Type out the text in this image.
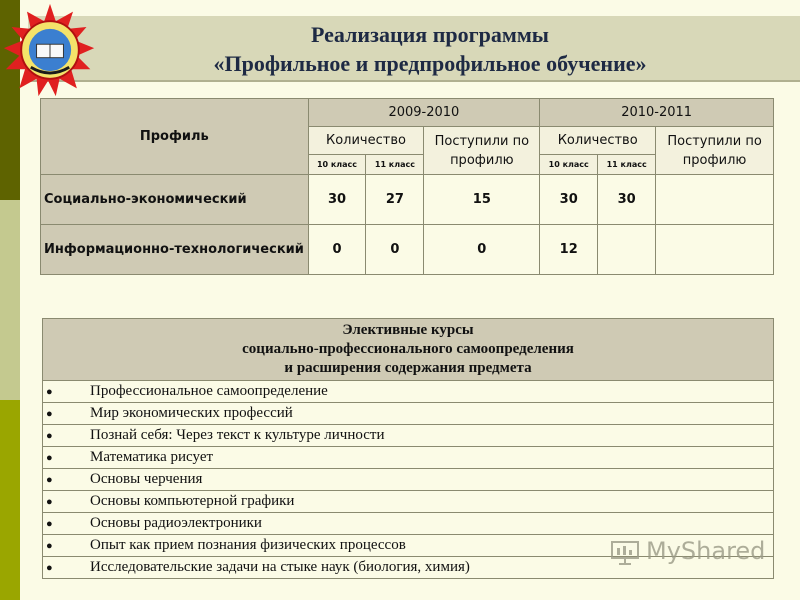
Реализация программы
«Профильное и предпрофильное обучение»
Профиль	2009-2010			2010-2011		
	Количество		Поступили по профилю	Количество		Поступили по профилю
	10 класс	11 класс		10 класс	11 класс	
Социально-экономический	30	27	15	30	30	
Информационно-технологический	0	0	0	12		
Элективные курсы
социально-профессионального самоопределения
и расширения содержания предмета

● Профессиональное самоопределение
● Мир экономических профессий
● Познай себя: Через текст к культуре личности
● Математика рисует
● Основы черчения
● Основы компьютерной графики
● Основы радиоэлектроники
● Опыт как прием познания физических процессов
● Исследовательские задачи на стыке наук (биология, химия)
MyShared
